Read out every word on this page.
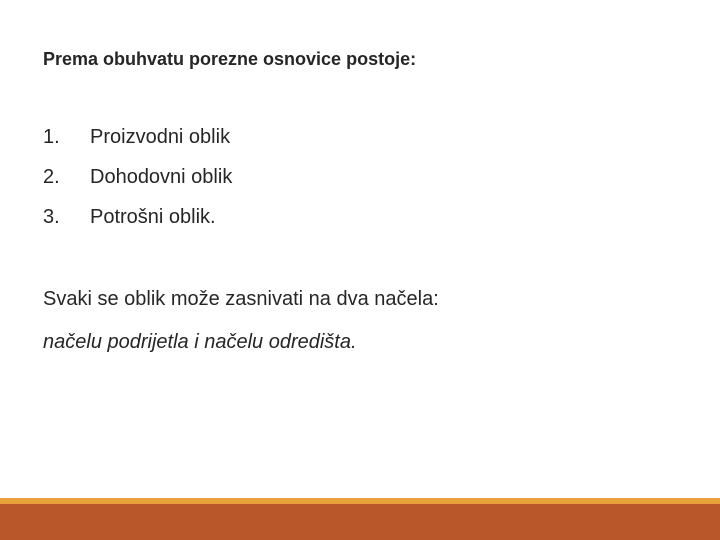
Prema obuhvatu porezne osnovice postoje:
1. Proizvodni oblik
2. Dohodovni oblik
3. Potrošni oblik.
Svaki se oblik može zasnivati na dva načela:
načelu podrijetla i načelu odredišta.
